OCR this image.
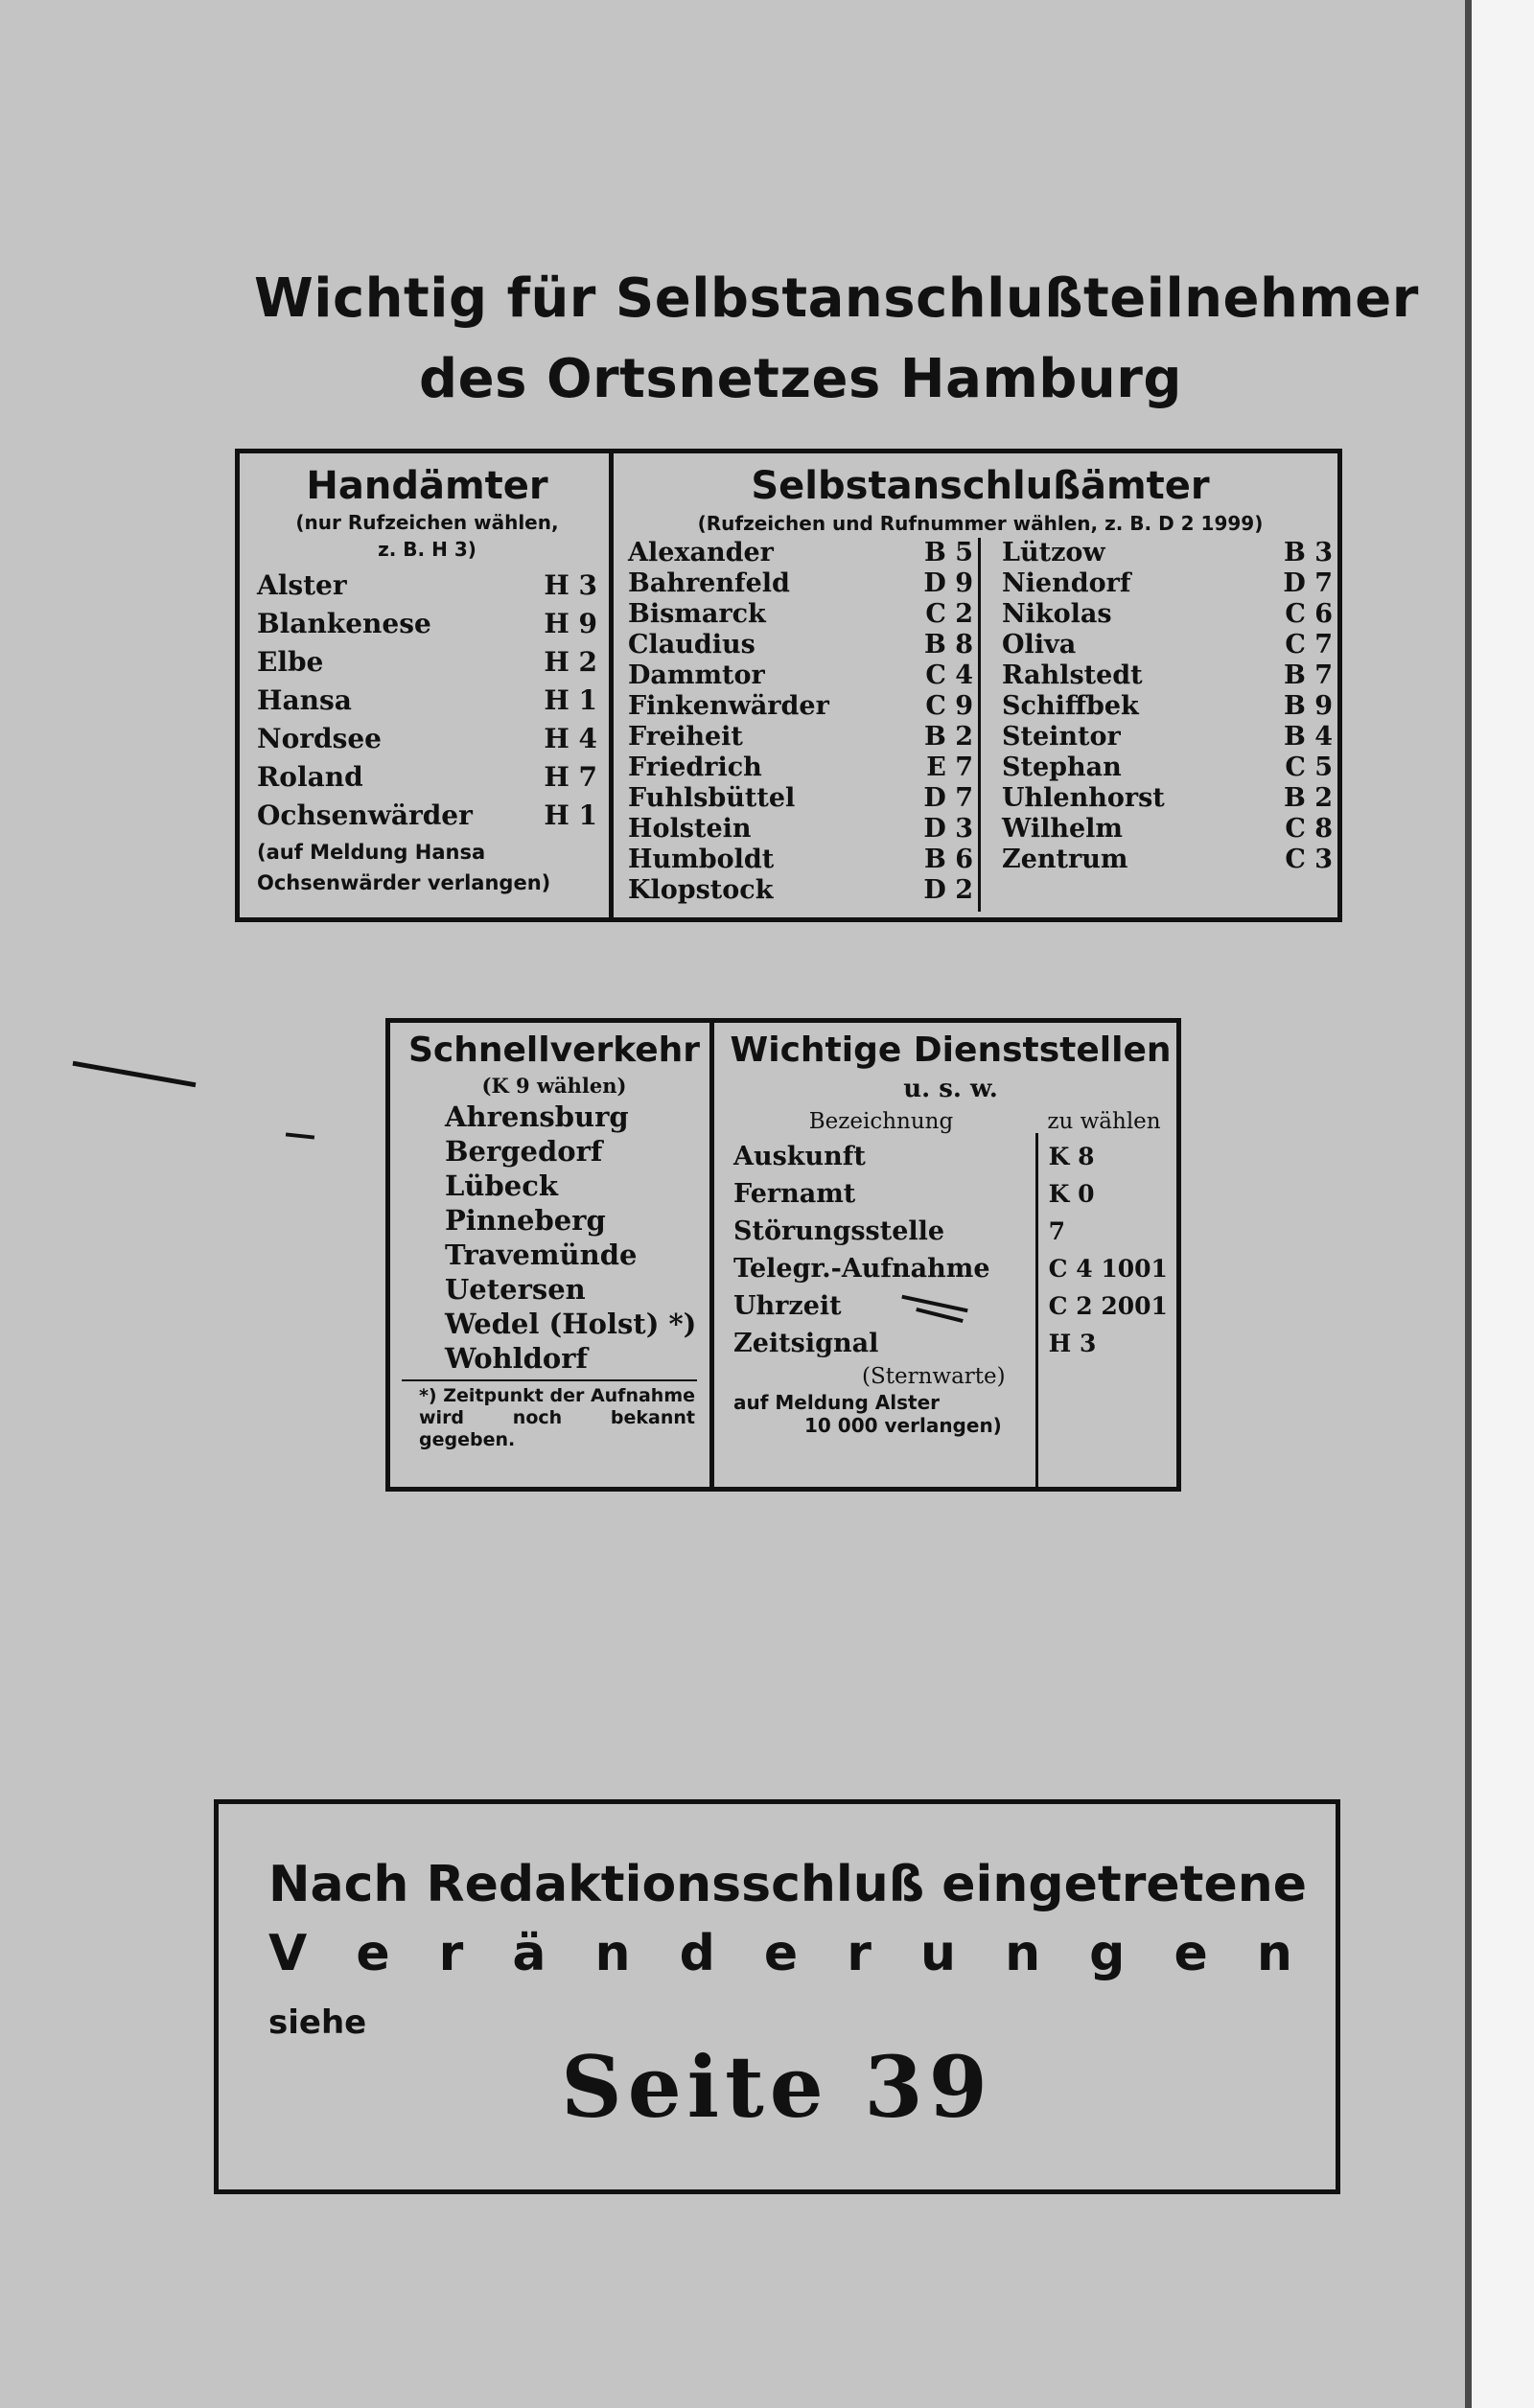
Wichtig für Selbstanschlußteilnehmer
des Ortsnetzes Hamburg
Handämter
(nur Rufzeichen wählen,
z. B. H 3)
Alster	H 3
Blankenese	H 9
Elbe	H 2
Hansa	H 1
Nordsee	H 4
Roland	H 7
Ochsenwärder	H 1
(auf Meldung Hansa
Ochsenwärder verlangen)
Selbstanschlußämter
(Rufzeichen und Rufnummer wählen, z. B. D 2 1999)
Alexander	B 5
Bahrenfeld	D 9
Bismarck	C 2
Claudius	B 8
Dammtor	C 4
Finkenwärder	C 9
Freiheit	B 2
Friedrich	E 7
Fuhlsbüttel	D 7
Holstein	D 3
Humboldt	B 6
Klopstock	D 2
Lützow	B 3
Niendorf	D 7
Nikolas	C 6
Oliva	C 7
Rahlstedt	B 7
Schiffbek	B 9
Steintor	B 4
Stephan	C 5
Uhlenhorst	B 2
Wilhelm	C 8
Zentrum	C 3
Schnellverkehr
(K 9 wählen)
Ahrensburg
Bergedorf
Lübeck
Pinneberg
Travemünde
Uetersen
Wedel (Holst) *)
Wohldorf
*) Zeitpunkt der Aufnahme wird noch bekannt gegeben.
Wichtige Dienststellen
u. s. w.
Bezeichnung	zu wählen
Auskunft	K 8
Fernamt	K 0
Störungsstelle	7
Telegr.-Aufnahme	C 4 1001
Uhrzeit	C 2 2001
Zeitsignal	H 3
(Sternwarte)
auf Meldung Alster
10 000 verlangen)
Nach Redaktionsschluß eingetretene
V e r ä n d e r u n g e n
siehe
Seite 39
